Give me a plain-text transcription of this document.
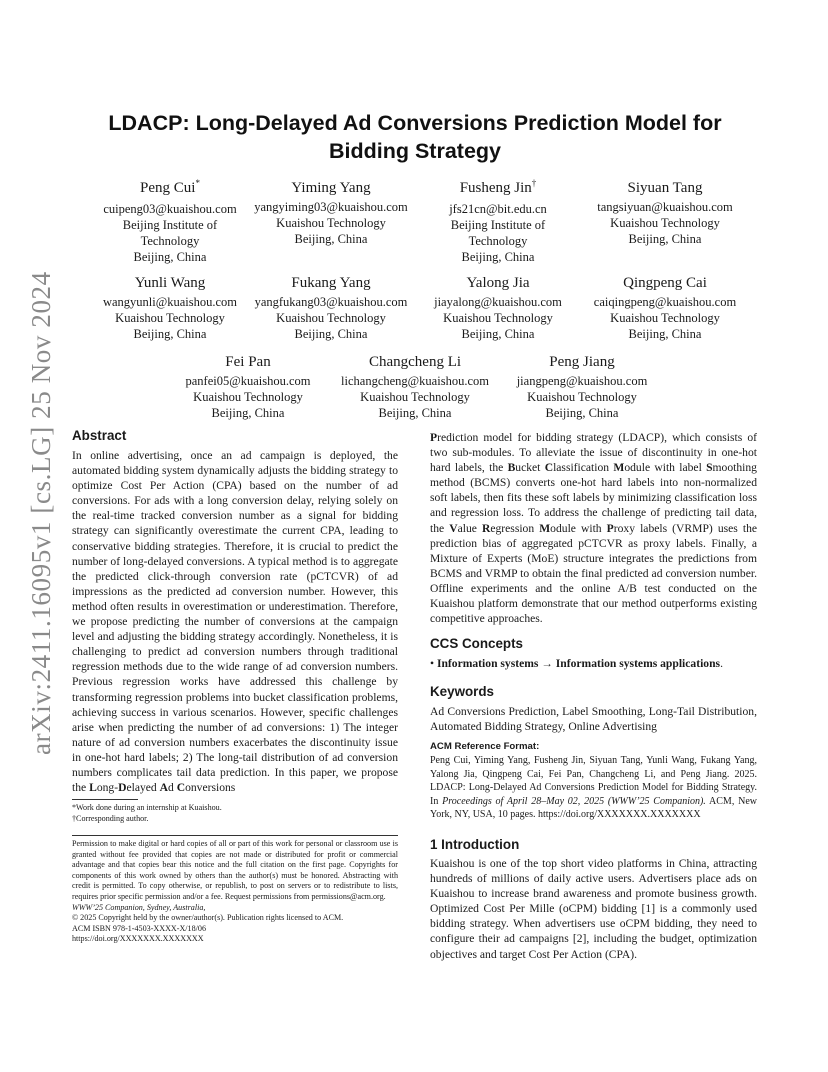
arXiv:2411.16095v1 [cs.LG] 25 Nov 2024
LDACP: Long-Delayed Ad Conversions Prediction Model for Bidding Strategy
Peng Cui*
cuipeng03@kuaishou.com
Beijing Institute of
Technology
Beijing, China
Yiming Yang
yangyiming03@kuaishou.com
Kuaishou Technology
Beijing, China
Fusheng Jin†
jfs21cn@bit.edu.cn
Beijing Institute of
Technology
Beijing, China
Siyuan Tang
tangsiyuan@kuaishou.com
Kuaishou Technology
Beijing, China
Yunli Wang
wangyunli@kuaishou.com
Kuaishou Technology
Beijing, China
Fukang Yang
yangfukang03@kuaishou.com
Kuaishou Technology
Beijing, China
Yalong Jia
jiayalong@kuaishou.com
Kuaishou Technology
Beijing, China
Qingpeng Cai
caiqingpeng@kuaishou.com
Kuaishou Technology
Beijing, China
Fei Pan
panfei05@kuaishou.com
Kuaishou Technology
Beijing, China
Changcheng Li
lichangcheng@kuaishou.com
Kuaishou Technology
Beijing, China
Peng Jiang
jiangpeng@kuaishou.com
Kuaishou Technology
Beijing, China
Abstract

In online advertising, once an ad campaign is deployed, the automated bidding system dynamically adjusts the bidding strategy to optimize Cost Per Action (CPA) based on the number of ad conversions. For ads with a long conversion delay, relying solely on the real-time tracked conversion number as a signal for bidding strategy can significantly overestimate the current CPA, leading to conservative bidding strategies. Therefore, it is crucial to predict the number of long-delayed conversions. A typical method is to aggregate the predicted click-through conversion rate (pCTCVR) of ad impressions as the predicted ad conversion number. However, this method often results in overestimation or underestimation. Therefore, we propose predicting the number of conversions at the campaign level and adjusting the bidding strategy accordingly. Nonetheless, it is challenging to predict ad conversion numbers through traditional regression methods due to the wide range of ad conversion numbers. Previous regression works have addressed this challenge by transforming regression problems into bucket classification problems, achieving success in various scenarios. However, specific challenges arise when predicting the number of ad conversions: 1) The integer nature of ad conversion numbers exacerbates the discontinuity issue in one-hot hard labels; 2) The long-tail distribution of ad conversion numbers complicates tail data prediction. In this paper, we propose the Long-Delayed Ad Conversions

*Work done during an internship at Kuaishou.
†Corresponding author.
Permission to make digital or hard copies of all or part of this work for personal or classroom use is granted without fee provided that copies are not made or distributed for profit or commercial advantage and that copies bear this notice and the full citation on the first page. Copyrights for components of this work owned by others than the author(s) must be honored. Abstracting with credit is permitted. To copy otherwise, or republish, to post on servers or to redistribute to lists, requires prior specific permission and/or a fee. Request permissions from permissions@acm.org.
WWW’25 Companion, Sydney, Australia,
© 2025 Copyright held by the owner/author(s). Publication rights licensed to ACM.
ACM ISBN 978-1-4503-XXXX-X/18/06
https://doi.org/XXXXXXX.XXXXXXX

Prediction model for bidding strategy (LDACP), which consists of two sub-modules. To alleviate the issue of discontinuity in one-hot hard labels, the Bucket Classification Module with label Smoothing method (BCMS) converts one-hot hard labels into non-normalized soft labels, then fits these soft labels by minimizing classification loss and regression loss. To address the challenge of predicting tail data, the Value Regression Module with Proxy labels (VRMP) uses the prediction bias of aggregated pCTCVR as proxy labels. Finally, a Mixture of Experts (MoE) structure integrates the predictions from BCMS and VRMP to obtain the final predicted ad conversion number. Offline experiments and the online A/B test conducted on the Kuaishou platform demonstrate that our method outperforms existing competitive approaches.

CCS Concepts
• Information systems → Information systems applications.
Keywords
Ad Conversions Prediction, Label Smoothing, Long-Tail Distribution, Automated Bidding Strategy, Online Advertising
ACM Reference Format:
Peng Cui, Yiming Yang, Fusheng Jin, Siyuan Tang, Yunli Wang, Fukang Yang, Yalong Jia, Qingpeng Cai, Fei Pan, Changcheng Li, and Peng Jiang. 2025. LDACP: Long-Delayed Ad Conversions Prediction Model for Bidding Strategy. In Proceedings of April 28–May 02, 2025 (WWW’25 Companion). ACM, New York, NY, USA, 10 pages. https://doi.org/XXXXXXX.XXXXXXX
1 Introduction
Kuaishou is one of the top short video platforms in China, attracting hundreds of millions of daily active users. Advertisers place ads on Kuaishou to increase brand awareness and promote business growth. Optimized Cost Per Mille (oCPM) bidding [1] is a commonly used bidding strategy. When advertisers use oCPM bidding, they need to configure their ad campaigns [2], including the budget, optimization objectives and target Cost Per Action (CPA).
